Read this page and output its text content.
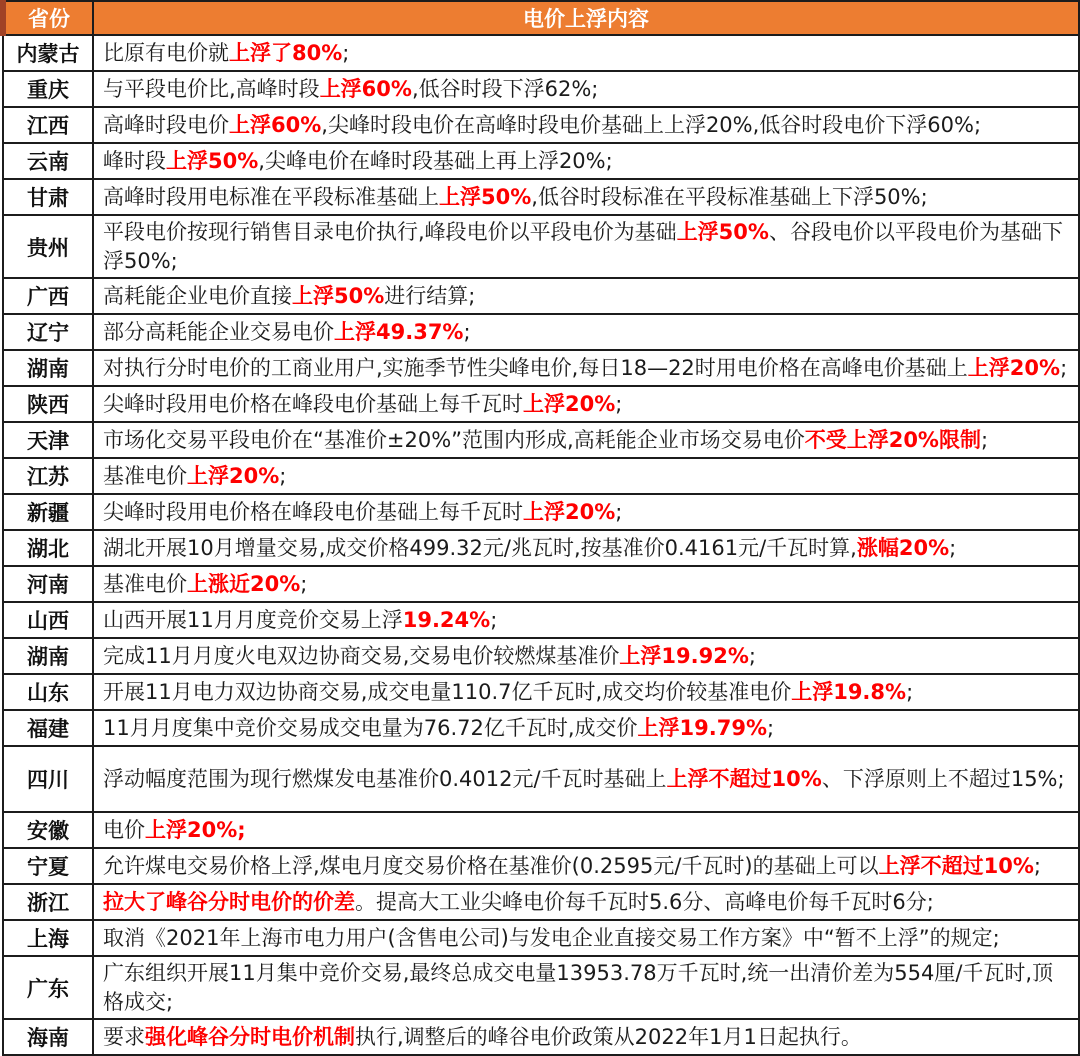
省份	电价上浮内容
内蒙古	比原有电价就上浮了80%;
重庆	与平段电价比,高峰时段上浮60%,低谷时段下浮62%;
江西	高峰时段电价上浮60%,尖峰时段电价在高峰时段电价基础上上浮20%,低谷时段电价下浮60%;
云南	峰时段上浮50%,尖峰电价在峰时段基础上再上浮20%;
甘肃	高峰时段用电标准在平段标准基础上上浮50%,低谷时段标准在平段标准基础上下浮50%;
贵州	平段电价按现行销售目录电价执行,峰段电价以平段电价为基础上浮50%、谷段电价以平段电价为基础下浮50%;
广西	高耗能企业电价直接上浮50%进行结算;
辽宁	部分高耗能企业交易电价上浮49.37%;
湖南	对执行分时电价的工商业用户,实施季节性尖峰电价,每日18—22时用电价格在高峰电价基础上上浮20%;
陕西	尖峰时段用电价格在峰段电价基础上每千瓦时上浮20%;
天津	市场化交易平段电价在“基准价±20%”范围内形成,高耗能企业市场交易电价不受上浮20%限制;
江苏	基准电价上浮20%;
新疆	尖峰时段用电价格在峰段电价基础上每千瓦时上浮20%;
湖北	湖北开展10月增量交易,成交价格499.32元/兆瓦时,按基准价0.4161元/千瓦时算,涨幅20%;
河南	基准电价上涨近20%;
山西	山西开展11月月度竞价交易上浮19.24%;
湖南	完成11月月度火电双边协商交易,交易电价较燃煤基准价上浮19.92%;
山东	开展11月电力双边协商交易,成交电量110.7亿千瓦时,成交均价较基准电价上浮19.8%;
福建	11月月度集中竞价交易成交电量为76.72亿千瓦时,成交价上浮19.79%;
四川	浮动幅度范围为现行燃煤发电基准价0.4012元/千瓦时基础上上浮不超过10%、下浮原则上不超过15%;
安徽	电价上浮20%;
宁夏	允许煤电交易价格上浮,煤电月度交易价格在基准价(0.2595元/千瓦时)的基础上可以上浮不超过10%;
浙江	拉大了峰谷分时电价的价差。提高大工业尖峰电价每千瓦时5.6分、高峰电价每千瓦时6分;
上海	取消《2021年上海市电力用户(含售电公司)与发电企业直接交易工作方案》中“暂不上浮”的规定;
广东	广东组织开展11月集中竞价交易,最终总成交电量13953.78万千瓦时,统一出清价差为554厘/千瓦时,顶格成交;
海南	要求强化峰谷分时电价机制执行,调整后的峰谷电价政策从2022年1月1日起执行。
